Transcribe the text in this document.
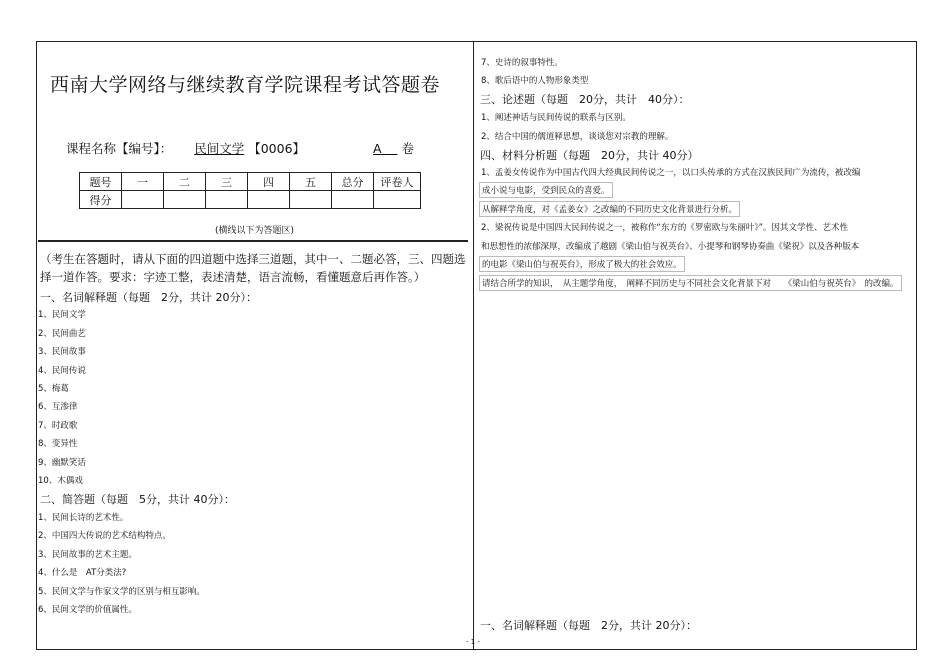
西南大学网络与继续教育学院课程考试答题卷
课程名称【编号】： 民间文学 【0006】	A 卷
题号	一	二	三	四	五	总分	评卷人
得分							
(横线以下为答题区)
（考生在答题时，请从下面的四道题中选择三道题，其中一、二题必答，三、四题选择一道作答。要求：字迹工整，表述清楚，语言流畅，看懂题意后再作答。）
一、名词解释题（每题　2分，共计 20分）：
1、民间文学
2、民间曲艺
3、民间故事
4、民间传说
5、梅葛
6、互渗律
7、时政歌
8、变异性
9、幽默笑话
10、木偶戏
二、简答题（每题　5分，共计 40分）：
1、民间长诗的艺术性。
2、中国四大传说的艺术结构特点。
3、民间故事的艺术主题。
4、什么是　AT分类法?
5、民间文学与作家文学的区别与相互影响。
6、民间文学的价值属性。
7、史诗的叙事特性。
8、歌后语中的人物形象类型
三、论述题（每题　20分，共计　40分）：
1、阐述神话与民间传说的联系与区别。
2、结合中国的儒道释思想，谈谈您对宗教的理解。
四、材料分析题（每题　20分，共计 40分）
1、孟姜女传说作为中国古代四大经典民间传说之一，以口头传承的方式在汉族民间广为流传，被改编
成小说与电影，受到民众的喜爱。
从解释学角度，对《孟姜女》之改编的不同历史文化背景进行分析。
2、梁祝传说是中国四大民间传说之一，被称作“东方的《罗密欧与朱丽叶》”。因其文学性、艺术性
和思想性的浓郁深厚，改编成了越剧《梁山伯与祝英台》、小提琴和钢琴协奏曲《梁祝》以及各种版本
的电影《梁山伯与祝英台》，形成了极大的社会效应。
请结合所学的知识，　从主题学角度，　阐释不同历史与不同社会文化背景下对　　《梁山伯与祝英台》　的改编。
一、名词解释题（每题　2分，共计 20分）：
- 1 -
